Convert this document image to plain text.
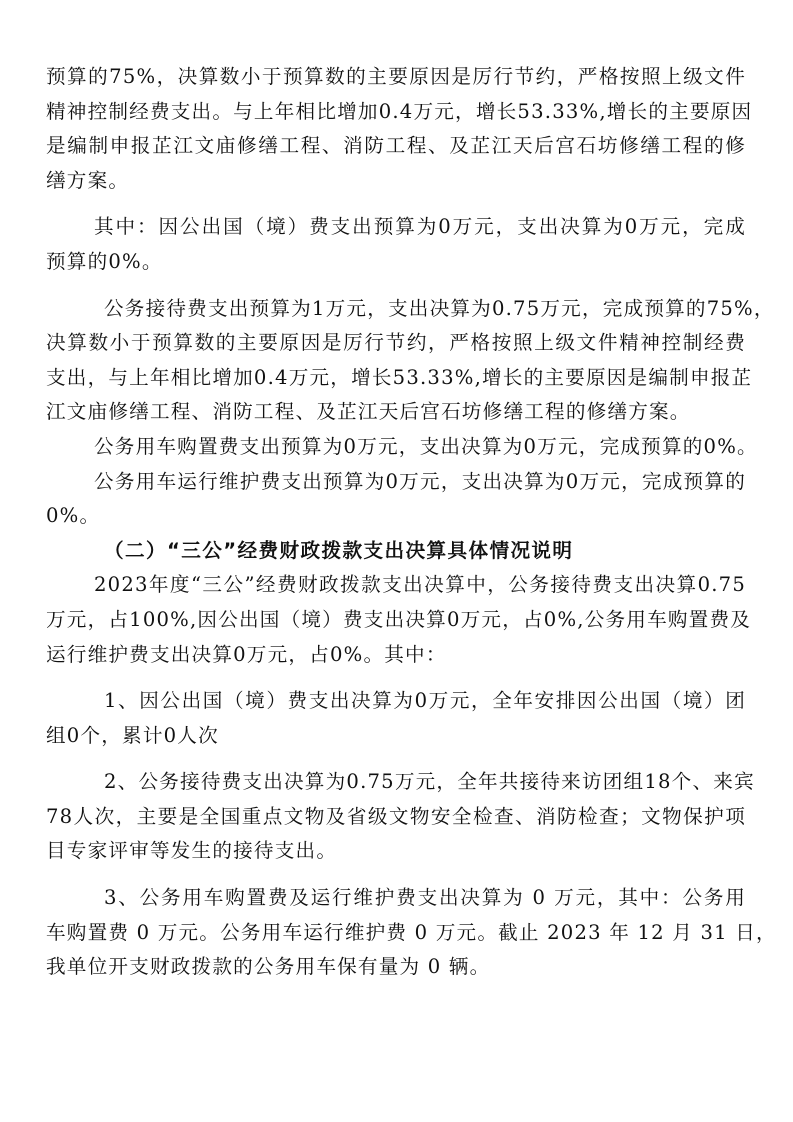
预算的75%，决算数小于预算数的主要原因是厉行节约，严格按照上级文件
精神控制经费支出。与上年相比增加0.4万元，增长53.33%,增长的主要原因
是编制申报芷江文庙修缮工程、消防工程、及芷江天后宫石坊修缮工程的修
缮方案。
其中：因公出国（境）费支出预算为0万元，支出决算为0万元，完成
预算的0%。
公务接待费支出预算为1万元，支出决算为0.75万元，完成预算的75%，
决算数小于预算数的主要原因是厉行节约，严格按照上级文件精神控制经费
支出，与上年相比增加0.4万元，增长53.33%,增长的主要原因是编制申报芷
江文庙修缮工程、消防工程、及芷江天后宫石坊修缮工程的修缮方案。
公务用车购置费支出预算为0万元，支出决算为0万元，完成预算的0%。
公务用车运行维护费支出预算为0万元，支出决算为0万元，完成预算的
0%。
（二）“三公”经费财政拨款支出决算具体情况说明
2023年度“三公”经费财政拨款支出决算中，公务接待费支出决算0.75
万元，占100%,因公出国（境）费支出决算0万元，占0%,公务用车购置费及
运行维护费支出决算0万元，占0%。其中：
1、因公出国（境）费支出决算为0万元，全年安排因公出国（境）团
组0个，累计0人次
2、公务接待费支出决算为0.75万元，全年共接待来访团组18个、来宾
78人次，主要是全国重点文物及省级文物安全检查、消防检查；文物保护项
目专家评审等发生的接待支出。
3、公务用车购置费及运行维护费支出决算为 0 万元，其中：公务用
车购置费 0 万元。公务用车运行维护费 0 万元。截止 2023 年 12 月 31 日，
我单位开支财政拨款的公务用车保有量为 0 辆。
